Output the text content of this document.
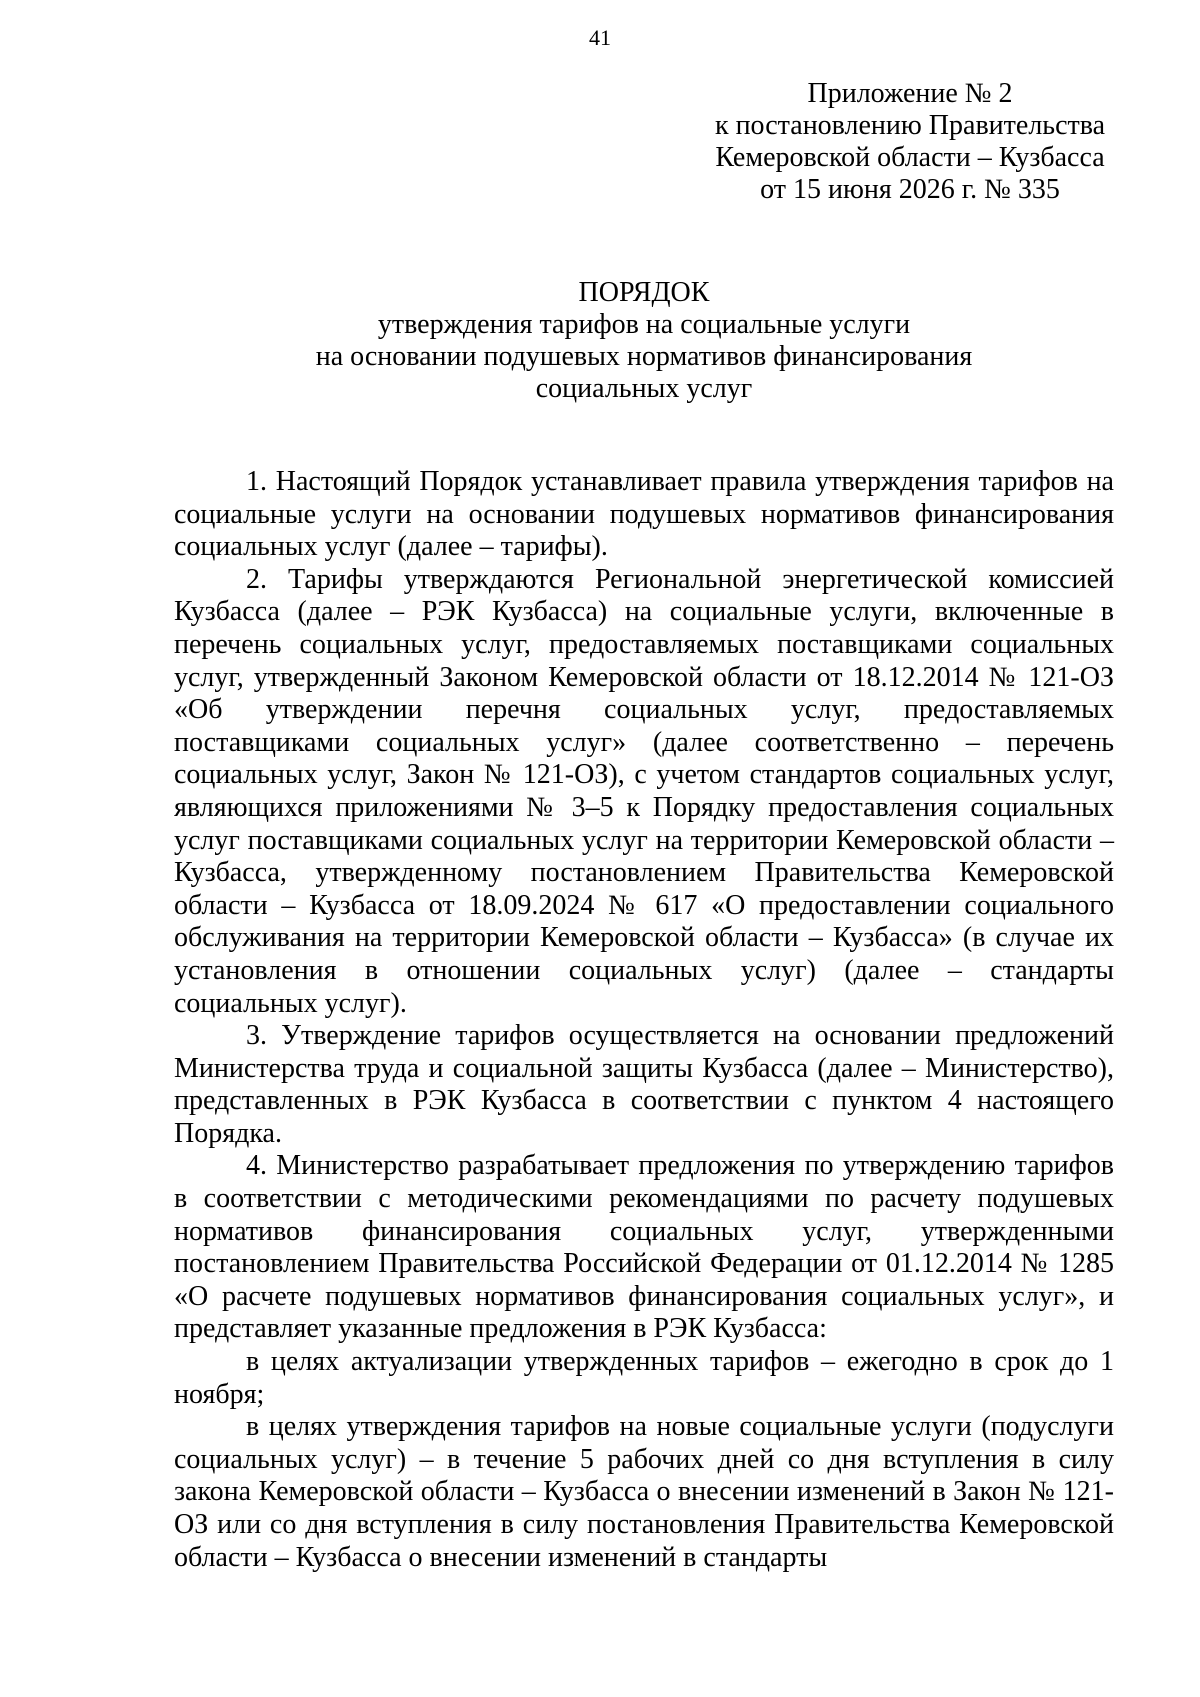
41
Приложение № 2
к постановлению Правительства
Кемеровской области – Кузбасса
от 15 июня 2026 г. № 335
ПОРЯДОК
утверждения тарифов на социальные услуги
на основании подушевых нормативов финансирования
социальных услуг

1. Настоящий Порядок устанавливает правила утверждения тарифов на социальные услуги на основании подушевых нормативов финансирования социальных услуг (далее – тарифы).

2. Тарифы утверждаются Региональной энергетической комиссией Кузбасса (далее – РЭК Кузбасса) на социальные услуги, включенные в перечень социальных услуг, предоставляемых поставщиками социальных услуг, утвержденный Законом Кемеровской области от 18.12.2014 № 121-ОЗ «Об утверждении перечня социальных услуг, предоставляемых поставщиками социальных услуг» (далее соответственно – перечень социальных услуг, Закон № 121-ОЗ), с учетом стандартов социальных услуг, являющихся приложениями № 3–5 к Порядку предоставления социальных услуг поставщиками социальных услуг на территории Кемеровской области – Кузбасса, утвержденному постановлением Правительства Кемеровской области – Кузбасса от 18.09.2024 № 617 «О предоставлении социального обслуживания на территории Кемеровской области – Кузбасса» (в случае их установления в отношении социальных услуг) (далее – стандарты социальных услуг).

3. Утверждение тарифов осуществляется на основании предложений Министерства труда и социальной защиты Кузбасса (далее – Министерство), представленных в РЭК Кузбасса в соответствии с пунктом 4 настоящего Порядка.

4. Министерство разрабатывает предложения по утверждению тарифов в соответствии с методическими рекомендациями по расчету подушевых нормативов финансирования социальных услуг, утвержденными постановлением Правительства Российской Федерации от 01.12.2014 № 1285 «О расчете подушевых нормативов финансирования социальных услуг», и представляет указанные предложения в РЭК Кузбасса:

в целях актуализации утвержденных тарифов – ежегодно в срок до 1 ноября;

в целях утверждения тарифов на новые социальные услуги (подуслуги социальных услуг) – в течение 5 рабочих дней со дня вступления в силу закона Кемеровской области – Кузбасса о внесении изменений в Закон № 121-ОЗ или со дня вступления в силу постановления Правительства Кемеровской области – Кузбасса о внесении изменений в стандарты
